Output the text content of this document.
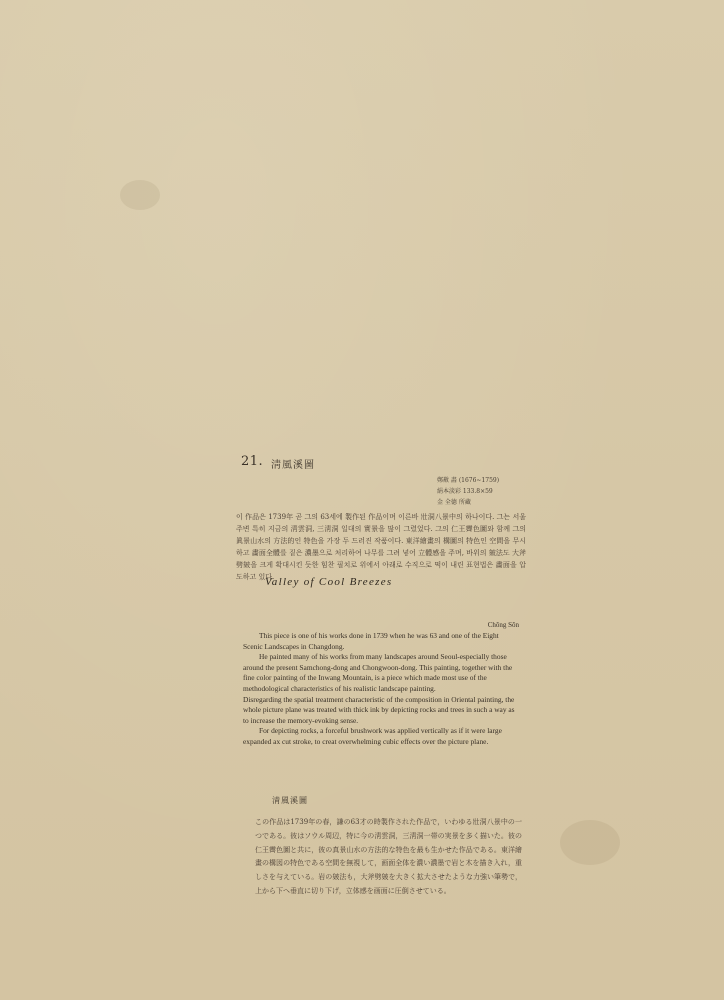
21. 淸風溪圖
鄭敾 畵 (1676~1759)
絹本淡彩 133.8×59
金 全德 所藏
이 作品은 1739年 곧 그의 63세에 製作된 作品이며 이른바 壯洞八景中의 하나이다. 그는 서울 주변 특히 지금의 淸雲洞, 三淸洞 일대의 實景을 많이 그렸었다. 그의 仁王霽色圖와 함께 그의 眞景山水의 方法的인 特色을 가장 두 드러진 작품이다. 東洋繪畫의 構圖의 特色인 空間을 무시하고 畵面全體를 짙은 濃墨으로 처리하여 나무를 그려 넣어 立體感을 주며, 바위의 皴法도 大斧劈皴을 크게 확대시킨 듯한 힘찬 필치로 위에서 아래로 수직으로 떡이 내린 표현법은 畵面을 압도하고 있다.
Valley of Cool Breezes
Chŏng Sŏn

This piece is one of his works done in 1739 when he was 63 and one of the Eight Scenic Landscapes in Changdong.

He painted many of his works from many landscapes around Seoul-especially those around the present Samchong-dong and Chongwoon-dong. This painting, together with the fine color painting of the Inwang Mountain, is a piece which made most use of the methodological characteristics of his realistic landscape painting.

Disregarding the spatial treatment characteristic of the composition in Oriental painting, the whole picture plane was treated with thick ink by depicting rocks and trees in such a way as to increase the memory-evoking sense.

For depicting rocks, a forceful brushwork was applied vertically as if it were large expanded ax cut stroke, to creat overwhelming cubic effects over the picture plane.

淸風溪圖
この作品は1739年の春，謙の63才の時製作された作品で，いわゆる壯洞八景中の一つである。彼はソウル周辺，特に今の淸雲洞，三淸洞一帯の実景を多く描いた。彼の仁王霽色圖と共に，彼の真景山水の方法的な特色を最も生かせた作品である。東洋繪畫の構図の特色である空間を無視して，画面全体を濃い濃墨で岩と木を描き入れ，重しさを与えている。岩の皴法も，大斧劈皴を大きく拡大させたような力強い筆勢で，上から下へ垂直に切り下げ，立体感を画面に圧倒させている。
